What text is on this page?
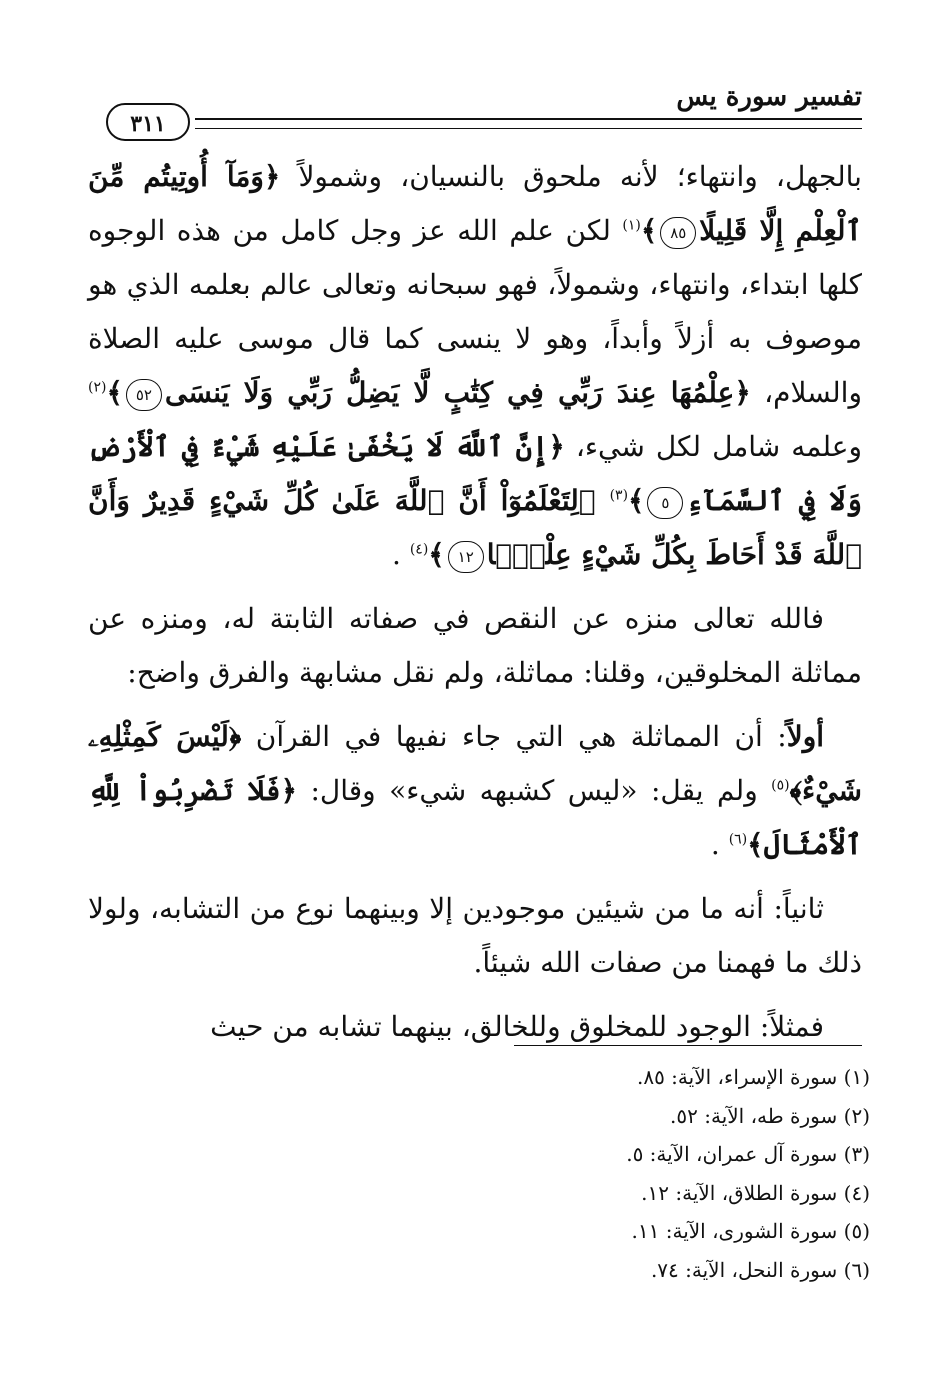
تفسير سورة يس
٣١١

بالجهل، وانتهاء؛ لأنه ملحوق بالنسيان، وشمولاً ﴿وَمَآ أُوتِيتُم مِّنَ ٱلْعِلْمِ إِلَّا قَلِيلًا٨٥﴾$^{(١)}$ لكن علم الله عز وجل كامل من هذه الوجوه كلها ابتداء، وانتهاء، وشمولاً، فهو سبحانه وتعالى عالم بعلمه الذي هو موصوف به أزلاً وأبداً، وهو لا ينسى كما قال موسى عليه الصلاة والسلام، ﴿عِلْمُهَا عِندَ رَبِّي فِي كِتَٰبٍ لَّا يَضِلُّ رَبِّي وَلَا يَنسَى٥٢﴾$^{(٢)}$ وعلمه شامل لكل شيء، ﴿إِنَّ ٱللَّهَ لَا يَخْفَىٰ عَلَيْهِ شَيْءٌ فِي ٱلْأَرْضِ وَلَا فِي ٱلسَّمَآءِ٥﴾$^{(٣)}$ ﴿لِتَعْلَمُوٓاْ أَنَّ ٱللَّهَ عَلَىٰ كُلِّ شَيْءٍ قَدِيرٌ وَأَنَّ ٱللَّهَ قَدْ أَحَاطَ بِكُلِّ شَيْءٍ عِلْمًۢا١٢﴾$^{(٤)}$ .

فالله تعالى منزه عن النقص في صفاته الثابتة له، ومنزه عن مماثلة المخلوقين، وقلنا: مماثلة، ولم نقل مشابهة والفرق واضح:

أولاً: أن المماثلة هي التي جاء نفيها في القرآن ﴿لَيْسَ كَمِثْلِهِۦ شَيْءٌ﴾$^{(٥)}$ ولم يقل: «ليس كشبهه شيء» وقال: ﴿فَلَا تَضْرِبُواْ لِلَّهِ ٱلْأَمْثَالَ﴾$^{(٦)}$ .

ثانياً: أنه ما من شيئين موجودين إلا وبينهما نوع من التشابه، ولولا ذلك ما فهمنا من صفات الله شيئاً.

فمثلاً: الوجود للمخلوق وللخالق، بينهما تشابه من حيث

(١) سورة الإسراء، الآية: ٨٥.
(٢) سورة طه، الآية: ٥٢.
(٣) سورة آل عمران، الآية: ٥.
(٤) سورة الطلاق، الآية: ١٢.
(٥) سورة الشورى، الآية: ١١.
(٦) سورة النحل، الآية: ٧٤.
